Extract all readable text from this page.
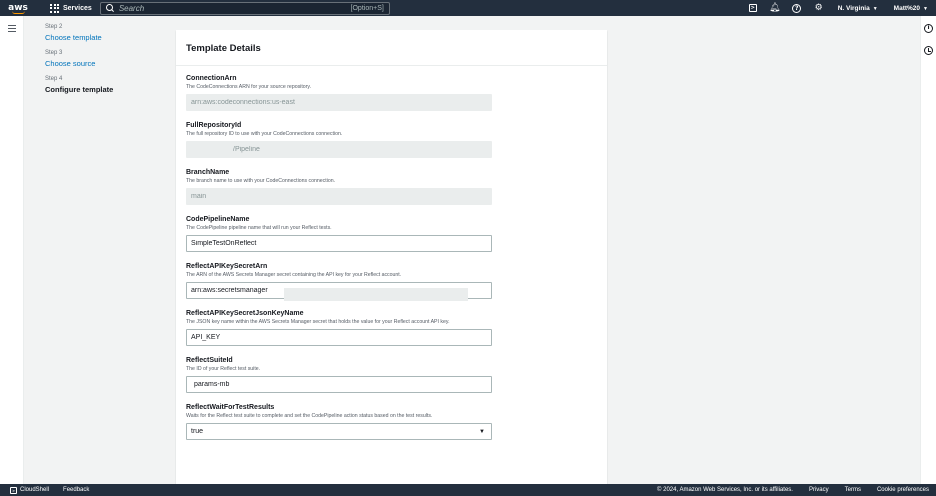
aws	Services
Search	[Option+S]	> 🔔︎	?	⚙	N. Virginia ▼	Matt%20 ▼
i
Step 2
Choose template
Step 3
Choose source
Step 4
Configure template
Template Details
ConnectionArn
The CodeConnections ARN for your source repository.
arn:aws:codeconnections:us-east
FullRepositoryId
The full repository ID to use with your CodeConnections connection.
/Pipeline
BranchName
The branch name to use with your CodeConnections connection.
main
CodePipelineName
The CodePipeline pipeline name that will run your Reflect tests.
SimpleTestOnReflect
ReflectAPIKeySecretArn
The ARN of the AWS Secrets Manager secret containing the API key for your Reflect account.
arn:aws:secretsmanager
ReflectAPIKeySecretJsonKeyName
The JSON key name within the AWS Secrets Manager secret that holds the value for your Reflect account API key.
API_KEY
ReflectSuiteId
The ID of your Reflect test suite.
params-mb
ReflectWaitForTestResults
Waits for the Reflect test suite to complete and set the CodePipeline action status based on the test results.
true	▼
> CloudShell Feedback	© 2024, Amazon Web Services, Inc. or its affiliates.	Privacy	Terms	Cookie preferences
